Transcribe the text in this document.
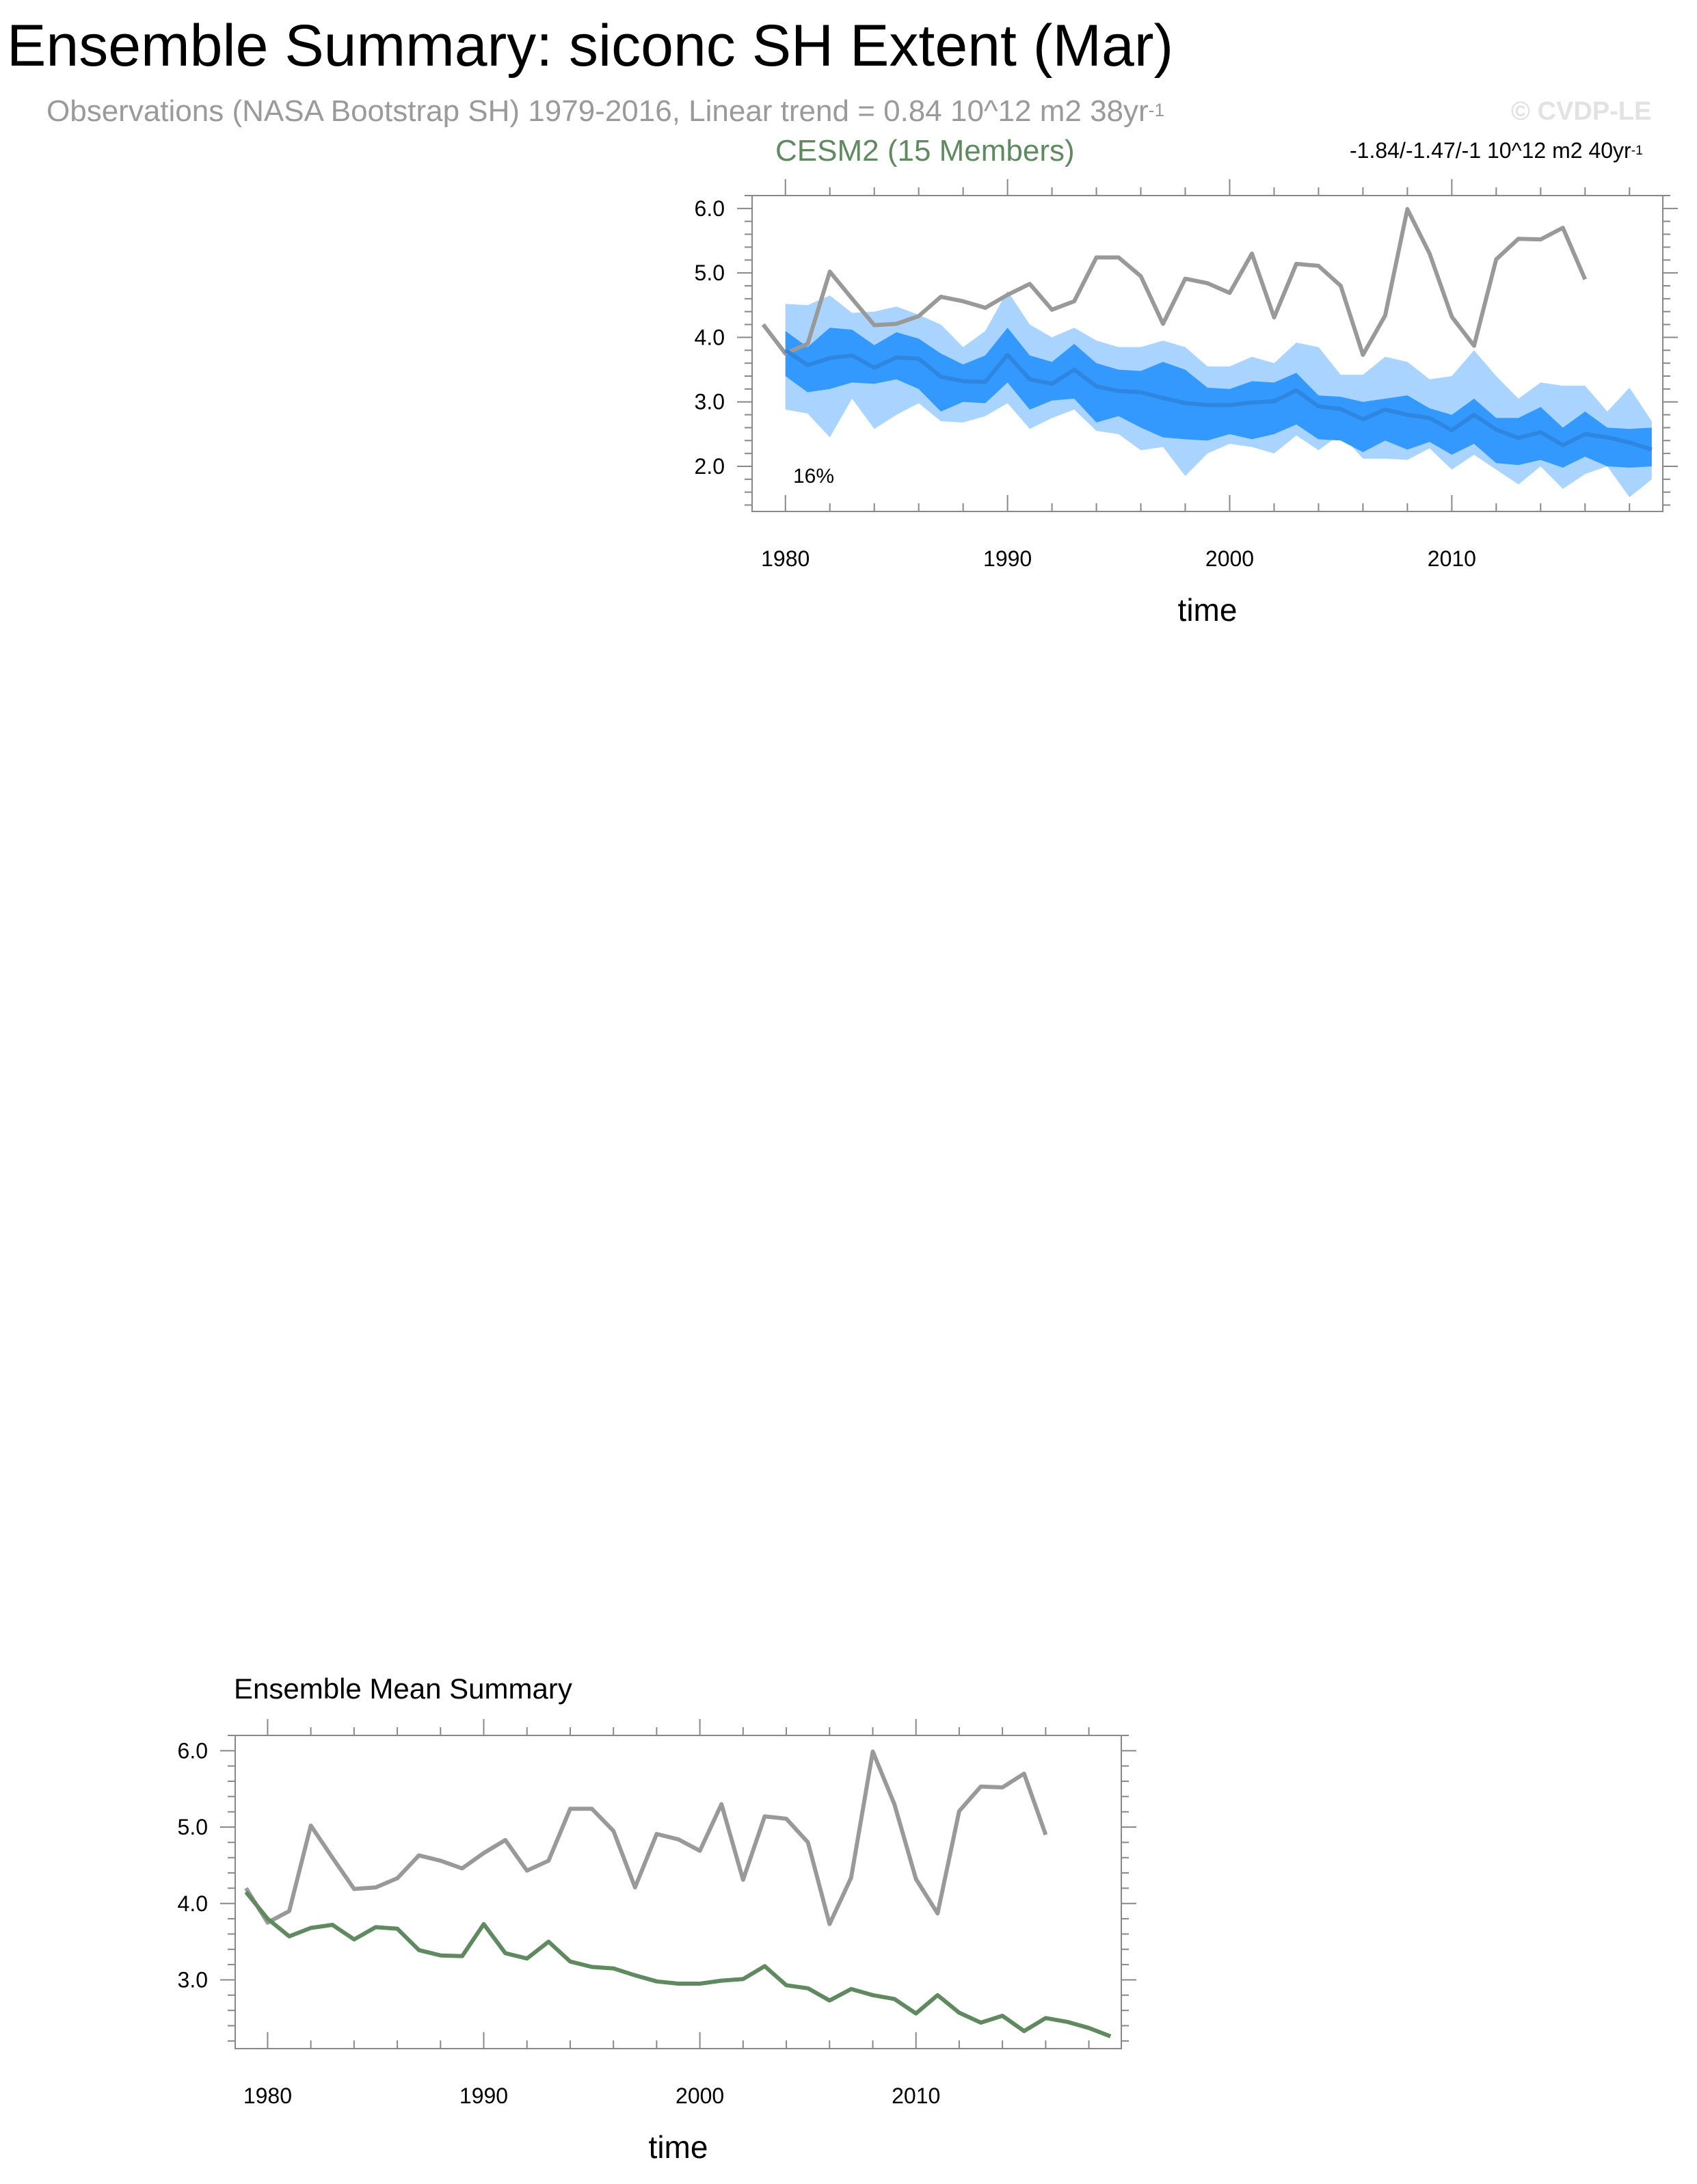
Ensemble Summary: siconc SH Extent (Mar)
Observations (NASA Bootstrap SH) 1979-2016, Linear trend = 0.84 10^12 m2 $38yr^{-1}$	© CVDP-LE
CESM2 (15 Members)	-1.84/-1.47/-1 10^12 m2 $40yr^{-1}$
Ensemble Mean Summary
1980	1990	2000	2010
2.0
3.0
4.0
5.0
6.0
time
16%
1980	1990	2000	2010
3.0
4.0
5.0
6.0
time
